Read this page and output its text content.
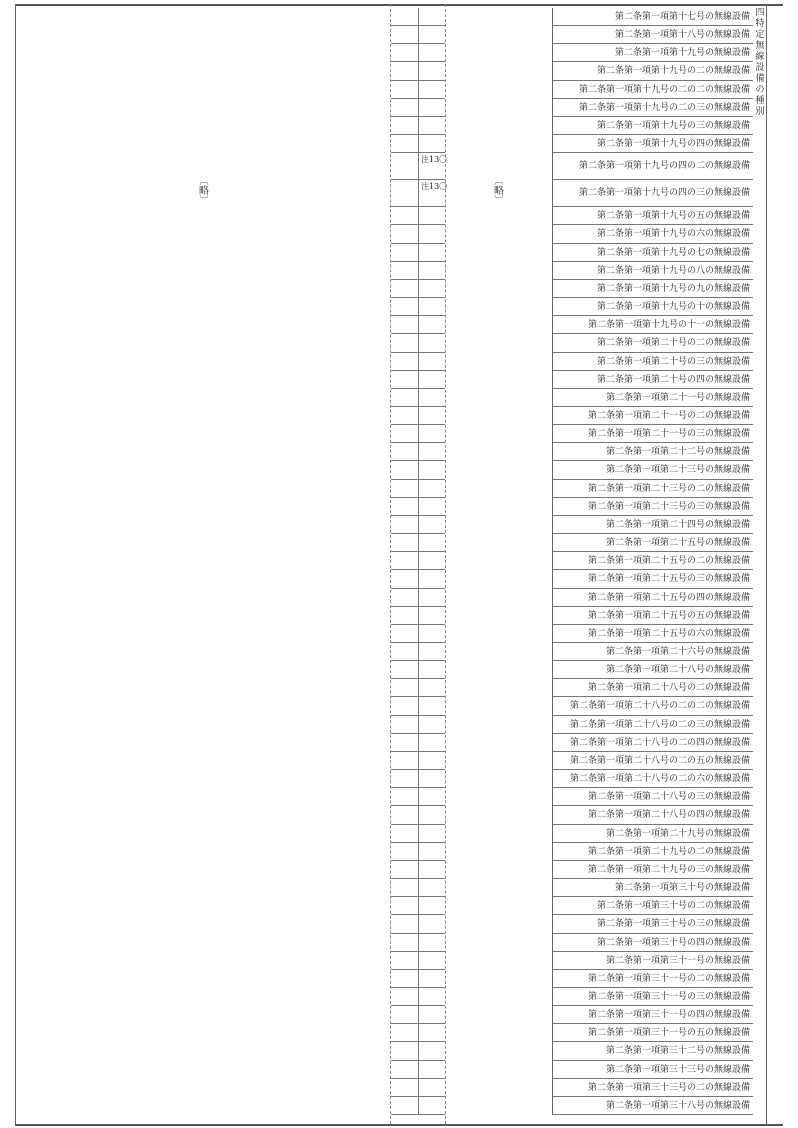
︹
略
︺
︹
略
︺
注13〇
注13〇
第二条第一項第十七号の無線設備
第二条第一項第十八号の無線設備
第二条第一項第十九号の無線設備
第二条第一項第十九号の二の無線設備
第二条第一項第十九号の二の二の無線設備
第二条第一項第十九号の二の三の無線設備
第二条第一項第十九号の三の無線設備
第二条第一項第十九号の四の無線設備
第二条第一項第十九号の四の二の無線設備
第二条第一項第十九号の四の三の無線設備
第二条第一項第十九号の五の無線設備
第二条第一項第十九号の六の無線設備
第二条第一項第十九号の七の無線設備
第二条第一項第十九号の八の無線設備
第二条第一項第十九号の九の無線設備
第二条第一項第十九号の十の無線設備
第二条第一項第十九号の十一の無線設備
第二条第一項第二十号の二の無線設備
第二条第一項第二十号の三の無線設備
第二条第一項第二十号の四の無線設備
第二条第一項第二十一号の無線設備
第二条第一項第二十一号の二の無線設備
第二条第一項第二十一号の三の無線設備
第二条第一項第二十二号の無線設備
第二条第一項第二十三号の無線設備
第二条第一項第二十三号の二の無線設備
第二条第一項第二十三号の三の無線設備
第二条第一項第二十四号の無線設備
第二条第一項第二十五号の無線設備
第二条第一項第二十五号の二の無線設備
第二条第一項第二十五号の三の無線設備
第二条第一項第二十五号の四の無線設備
第二条第一項第二十五号の五の無線設備
第二条第一項第二十五号の六の無線設備
第二条第一項第二十六号の無線設備
第二条第一項第二十八号の無線設備
第二条第一項第二十八号の二の無線設備
第二条第一項第二十八号の二の二の無線設備
第二条第一項第二十八号の二の三の無線設備
第二条第一項第二十八号の二の四の無線設備
第二条第一項第二十八号の二の五の無線設備
第二条第一項第二十八号の二の六の無線設備
第二条第一項第二十八号の三の無線設備
第二条第一項第二十八号の四の無線設備
第二条第一項第二十九号の無線設備
第二条第一項第二十九号の二の無線設備
第二条第一項第二十九号の三の無線設備
第二条第一項第三十号の無線設備
第二条第一項第三十号の二の無線設備
第二条第一項第三十号の三の無線設備
第二条第一項第三十号の四の無線設備
第二条第一項第三十一号の無線設備
第二条第一項第三十一号の二の無線設備
第二条第一項第三十一号の三の無線設備
第二条第一項第三十一号の四の無線設備
第二条第一項第三十一号の五の無線設備
第二条第一項第三十二号の無線設備
第二条第一項第三十三号の無線設備
第二条第一項第三十三号の二の無線設備
第二条第一項第三十八号の無線設備
四
特
定
無
線
設
備
の
種
別
